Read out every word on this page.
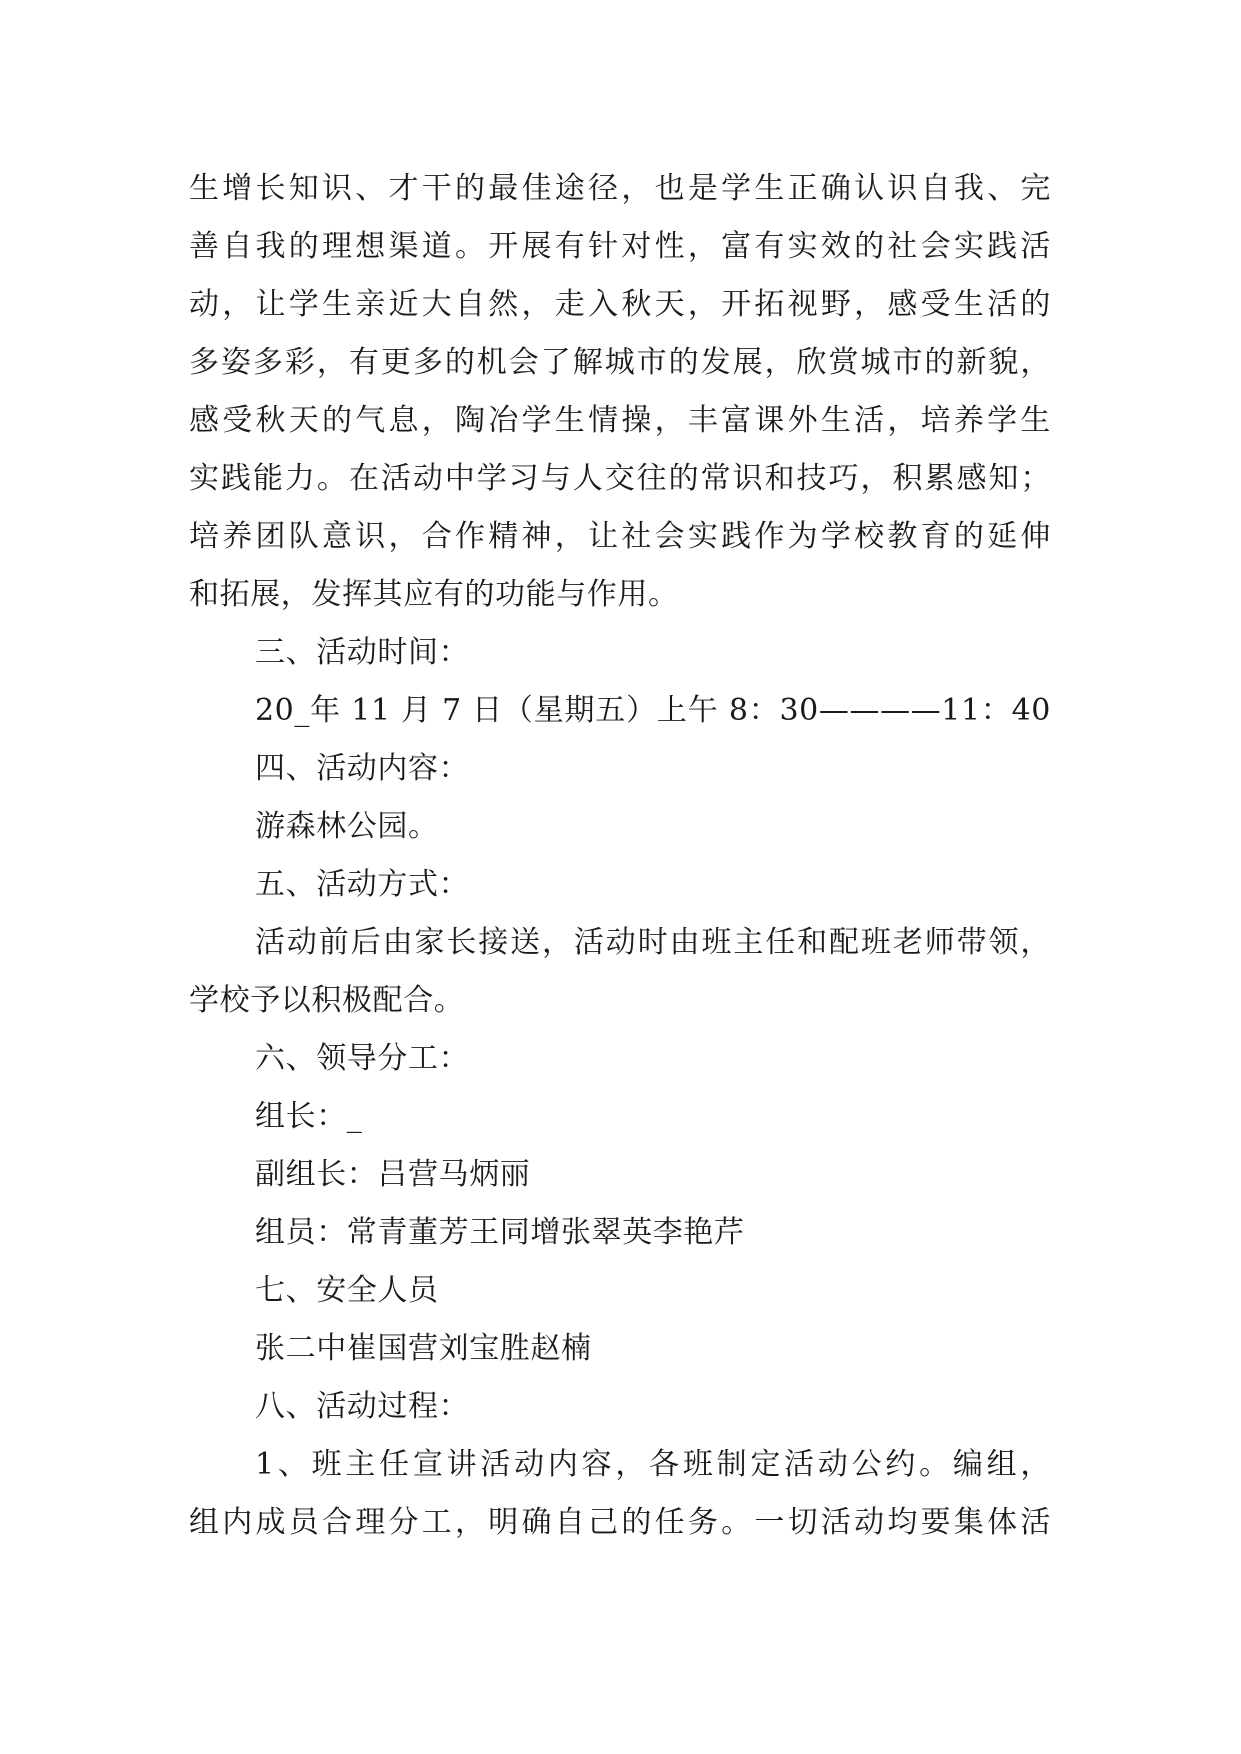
生增长知识、才干的最佳途径，也是学生正确认识自我、完
善自我的理想渠道。开展有针对性，富有实效的社会实践活
动，让学生亲近大自然，走入秋天，开拓视野，感受生活的
多姿多彩，有更多的机会了解城市的发展，欣赏城市的新貌，
感受秋天的气息，陶冶学生情操，丰富课外生活，培养学生
实践能力。在活动中学习与人交往的常识和技巧，积累感知；
培养团队意识，合作精神，让社会实践作为学校教育的延伸
和拓展，发挥其应有的功能与作用。
三、活动时间：
20_年 11 月 7 日（星期五）上午 8：30————11：40
四、活动内容：
游森林公园。
五、活动方式：
活动前后由家长接送，活动时由班主任和配班老师带领，
学校予以积极配合。
六、领导分工：
组长：_
副组长：吕营马炳丽
组员：常青董芳王同增张翠英李艳芹
七、安全人员
张二中崔国营刘宝胜赵楠
八、活动过程：
1、班主任宣讲活动内容，各班制定活动公约。编组，
组内成员合理分工，明确自己的任务。一切活动均要集体活
